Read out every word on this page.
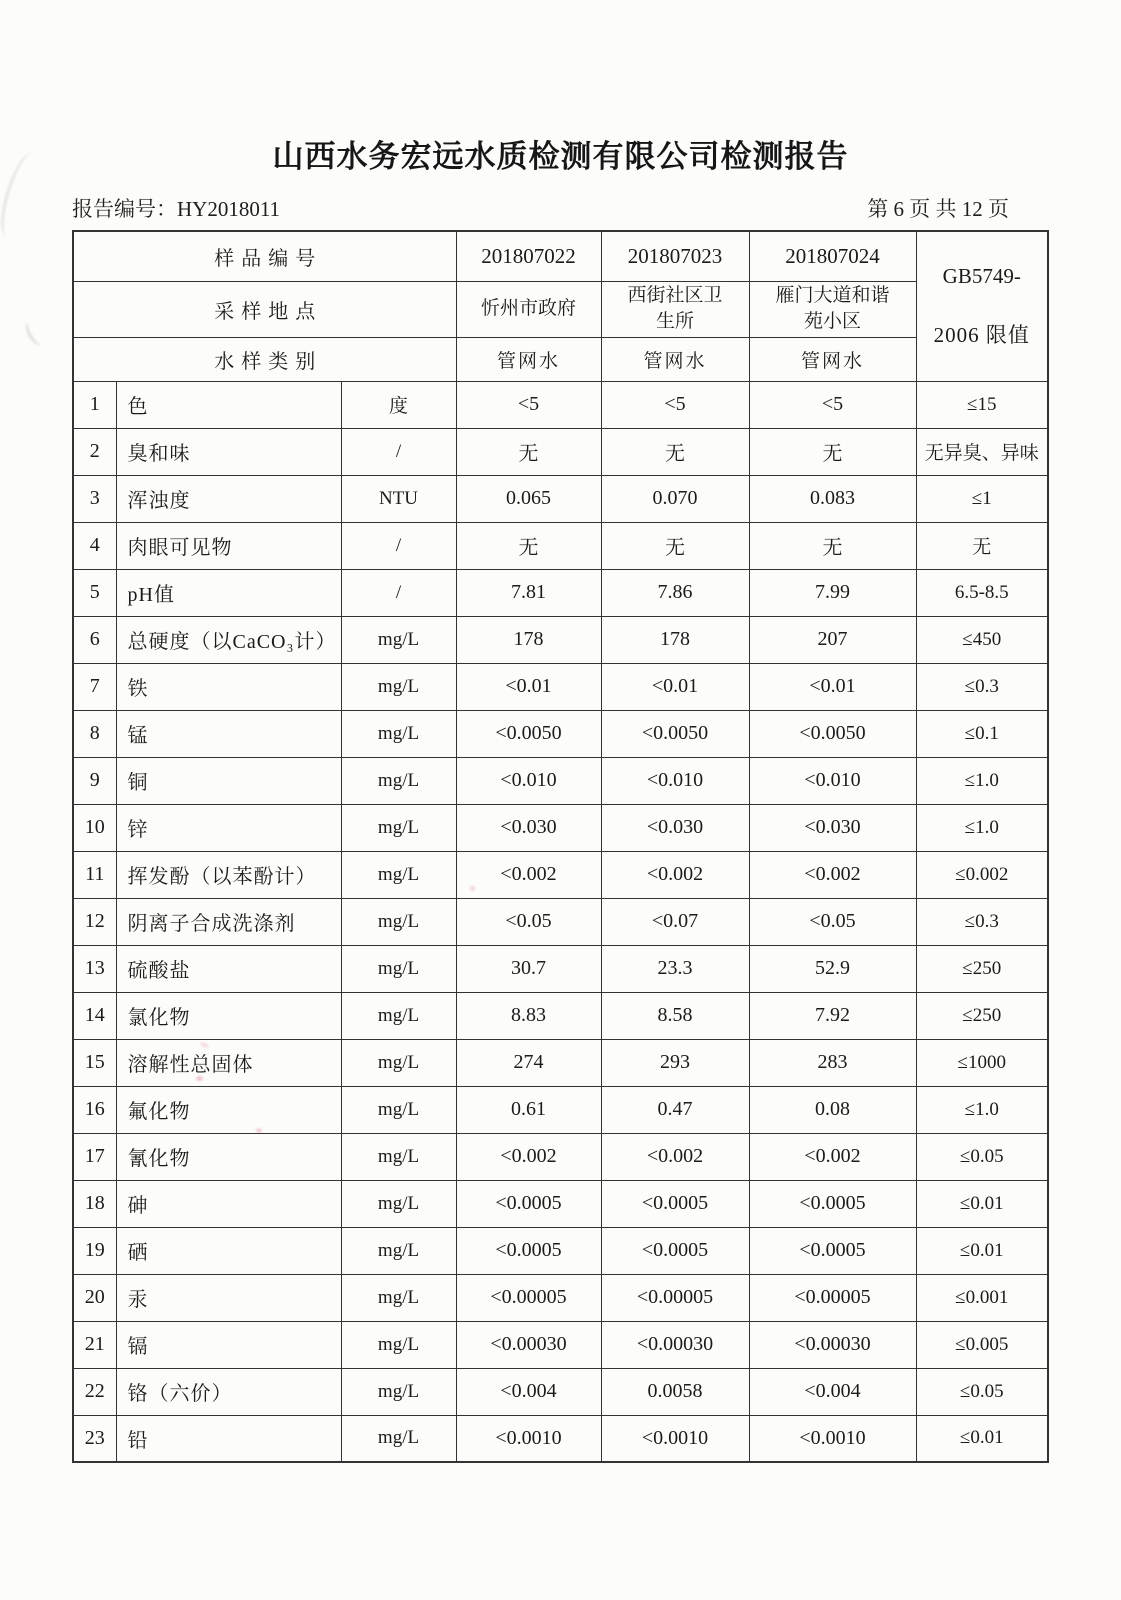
山西水务宏远水质检测有限公司检测报告
报告编号：HY2018011	第 6 页 共 12 页
样品编号			201807022	201807023	201807024	GB5749-
2006 限值

采样地点			忻州市政府	西街社区卫生所	雁门大道和谐苑小区	
水样类别			管网水	管网水	管网水	
1	色	度	<5	<5	<5	≤15
2	臭和味	/	无	无	无	无异臭、异味
3	浑浊度	NTU	0.065	0.070	0.083	≤1
4	肉眼可见物	/	无	无	无	无
5	pH值	/	7.81	7.86	7.99	6.5-8.5
6	总硬度（以CaCO₃计）	mg/L	178	178	207	≤450
7	铁	mg/L	<0.01	<0.01	<0.01	≤0.3
8	锰	mg/L	<0.0050	<0.0050	<0.0050	≤0.1
9	铜	mg/L	<0.010	<0.010	<0.010	≤1.0
10	锌	mg/L	<0.030	<0.030	<0.030	≤1.0
11	挥发酚（以苯酚计）	mg/L	<0.002	<0.002	<0.002	≤0.002
12	阴离子合成洗涤剂	mg/L	<0.05	<0.07	<0.05	≤0.3
13	硫酸盐	mg/L	30.7	23.3	52.9	≤250
14	氯化物	mg/L	8.83	8.58	7.92	≤250
15	溶解性总固体	mg/L	274	293	283	≤1000
16	氟化物	mg/L	0.61	0.47	0.08	≤1.0
17	氰化物	mg/L	<0.002	<0.002	<0.002	≤0.05
18	砷	mg/L	<0.0005	<0.0005	<0.0005	≤0.01
19	硒	mg/L	<0.0005	<0.0005	<0.0005	≤0.01
20	汞	mg/L	<0.00005	<0.00005	<0.00005	≤0.001
21	镉	mg/L	<0.00030	<0.00030	<0.00030	≤0.005
22	铬（六价）	mg/L	<0.004	0.0058	<0.004	≤0.05
23	铅	mg/L	<0.0010	<0.0010	<0.0010	≤0.01
